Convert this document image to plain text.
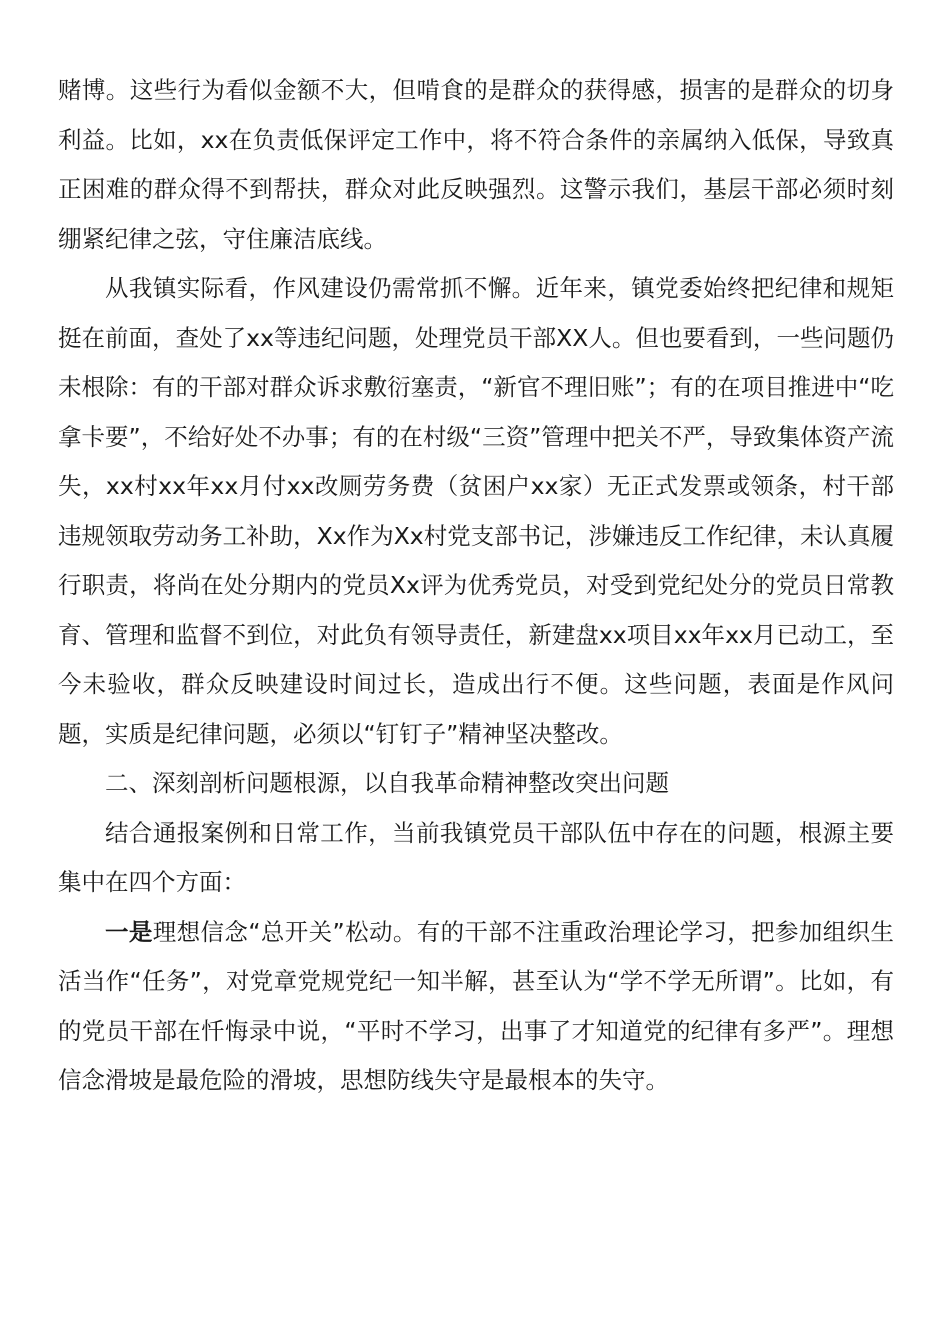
赌博。这些行为看似金额不大，但啃食的是群众的获得感，损害的是群众的切身利益。比如，xx在负责低保评定工作中，将不符合条件的亲属纳入低保，导致真正困难的群众得不到帮扶，群众对此反映强烈。这警示我们，基层干部必须时刻绷紧纪律之弦，守住廉洁底线。

从我镇实际看，作风建设仍需常抓不懈。近年来，镇党委始终把纪律和规矩挺在前面，查处了xx等违纪问题，处理党员干部XX人。但也要看到，一些问题仍未根除：有的干部对群众诉求敷衍塞责，“新官不理旧账”；有的在项目推进中“吃拿卡要”，不给好处不办事；有的在村级“三资”管理中把关不严，导致集体资产流失，xx村xx年xx月付xx改厕劳务费（贫困户xx家）无正式发票或领条，村干部违规领取劳动务工补助，Xx作为Xx村党支部书记，涉嫌违反工作纪律，未认真履行职责，将尚在处分期内的党员Xx评为优秀党员，对受到党纪处分的党员日常教育、管理和监督不到位，对此负有领导责任，新建盘xx项目xx年xx月已动工，至今未验收，群众反映建设时间过长，造成出行不便。这些问题，表面是作风问题，实质是纪律问题，必须以“钉钉子”精神坚决整改。

二、深刻剖析问题根源，以自我革命精神整改突出问题

结合通报案例和日常工作，当前我镇党员干部队伍中存在的问题，根源主要集中在四个方面：

一是理想信念“总开关”松动。有的干部不注重政治理论学习，把参加组织生活当作“任务”，对党章党规党纪一知半解，甚至认为“学不学无所谓”。比如，有的党员干部在忏悔录中说，“平时不学习，出事了才知道党的纪律有多严”。理想信念滑坡是最危险的滑坡，思想防线失守是最根本的失守。
